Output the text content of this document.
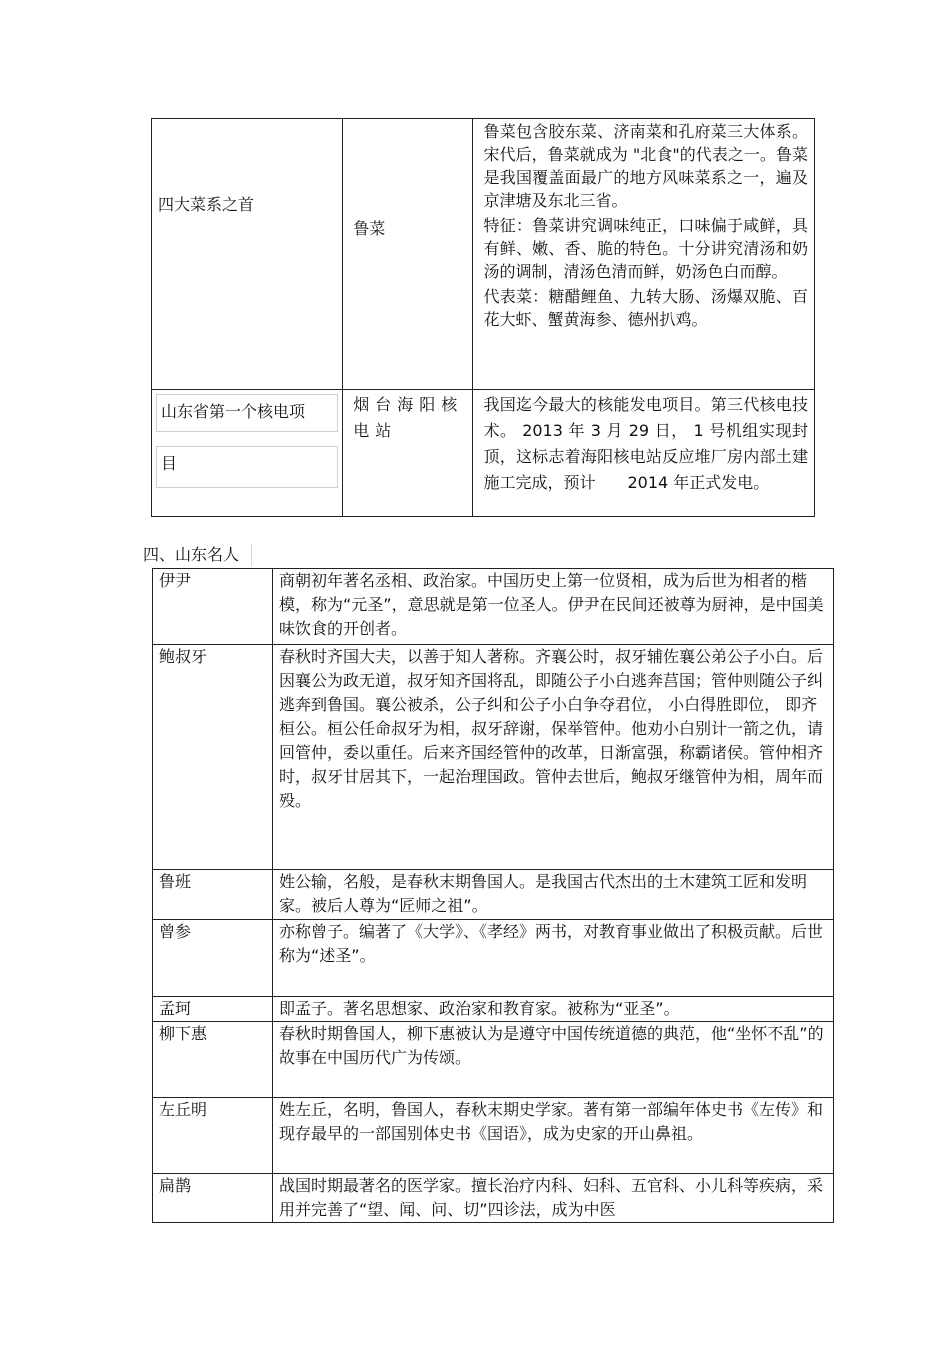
四大菜系之首	鲁菜	鲁菜包含胶东菜、济南菜和孔府菜三大体系。宋代后，鲁菜就成为 "北食"的代表之一。鲁菜是我国覆盖面最广的地方风味菜系之一，遍及京津塘及东北三省。

特征：鲁菜讲究调味纯正，口味偏于咸鲜，具有鲜、嫩、香、脆的特色。十分讲究清汤和奶汤的调制，清汤色清而鲜，奶汤色白而醇。

代表菜：糖醋鲤鱼、九转大肠、汤爆双脆、百花大虾、蟹黄海参、德州扒鸡。

山东省第一个核电项
目	烟台海阳核电站	我国迄今最大的核能发电项目。第三代核电技术。 2013 年 3 月 29 日， 1 号机组实现封顶，这标志着海阳核电站反应堆厂房内部土建施工完成，预计　　2014 年正式发电。
四、山东名人
伊尹	商朝初年著名丞相、政治家。中国历史上第一位贤相，成为后世为相者的楷模，称为“元圣”，意思就是第一位圣人。伊尹在民间还被尊为厨神，是中国美味饮食的开创者。
鲍叔牙	春秋时齐国大夫，以善于知人著称。齐襄公时，叔牙辅佐襄公弟公子小白。后因襄公为政无道，叔牙知齐国将乱，即随公子小白逃奔莒国；管仲则随公子纠逃奔到鲁国。襄公被杀，公子纠和公子小白争夺君位， 小白得胜即位， 即齐桓公。桓公任命叔牙为相，叔牙辞谢，保举管仲。他劝小白别计一箭之仇，请回管仲，委以重任。后来齐国经管仲的改革，日渐富强，称霸诸侯。管仲相齐时，叔牙甘居其下，一起治理国政。管仲去世后，鲍叔牙继管仲为相，周年而殁。
鲁班	姓公输，名般，是春秋末期鲁国人。是我国古代杰出的土木建筑工匠和发明家。被后人尊为“匠师之祖”。
曾参	亦称曾子。编著了《大学》、《孝经》两书，对教育事业做出了积极贡献。后世称为“述圣”。
孟珂	即孟子。著名思想家、政治家和教育家。被称为“亚圣”。
柳下惠	春秋时期鲁国人，柳下惠被认为是遵守中国传统道德的典范，他“坐怀不乱”的故事在中国历代广为传颂。
左丘明	姓左丘，名明，鲁国人，春秋末期史学家。著有第一部编年体史书《左传》和现存最早的一部国别体史书《国语》，成为史家的开山鼻祖。
扁鹊	战国时期最著名的医学家。擅长治疗内科、妇科、五官科、小儿科等疾病，采用并完善了“望、闻、问、切”四诊法，成为中医
